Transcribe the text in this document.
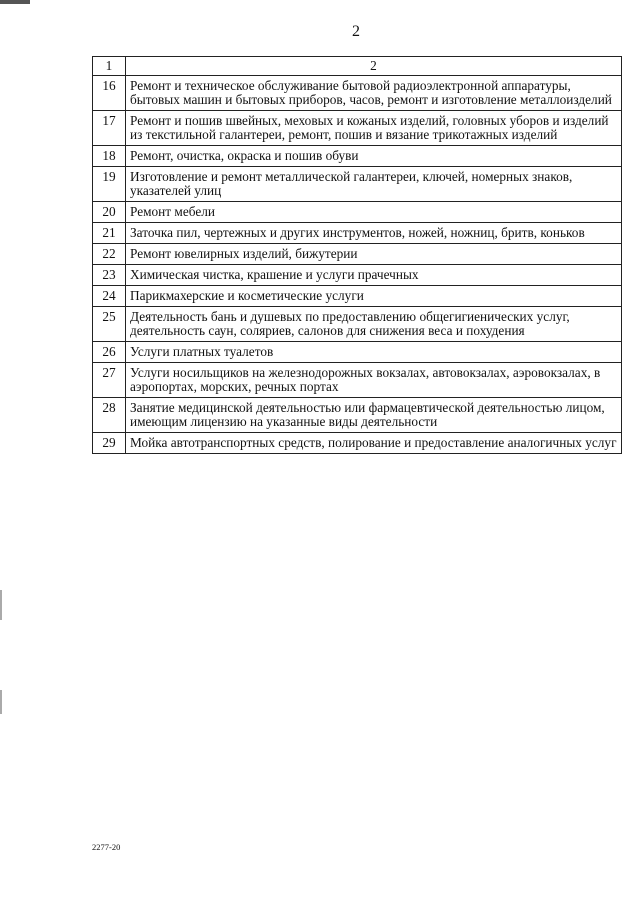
2
1	2
16	Ремонт и техническое обслуживание бытовой радиоэлектронной аппаратуры, бытовых машин и бытовых приборов, часов, ремонт и изготовление металлоизделий
17	Ремонт и пошив швейных, меховых и кожаных изделий, головных уборов и изделий из текстильной галантереи, ремонт, пошив и вязание трикотажных изделий
18	Ремонт, очистка, окраска и пошив обуви
19	Изготовление и ремонт металлической галантереи, ключей, номерных знаков, указателей улиц
20	Ремонт мебели
21	Заточка пил, чертежных и других инструментов, ножей, ножниц, бритв, коньков
22	Ремонт ювелирных изделий, бижутерии
23	Химическая чистка, крашение и услуги прачечных
24	Парикмахерские и косметические услуги
25	Деятельность бань и душевых по предоставлению общегигиенических услуг, деятельность саун, соляриев, салонов для снижения веса и похудения
26	Услуги платных туалетов
27	Услуги носильщиков на железнодорожных вокзалах, автовокзалах, аэровокзалах, в аэропортах, морских, речных портах
28	Занятие медицинской деятельностью или фармацевтической деятельностью лицом, имеющим лицензию на указанные виды деятельности
29	Мойка автотранспортных средств, полирование и предоставление аналогичных услуг
2277-20
